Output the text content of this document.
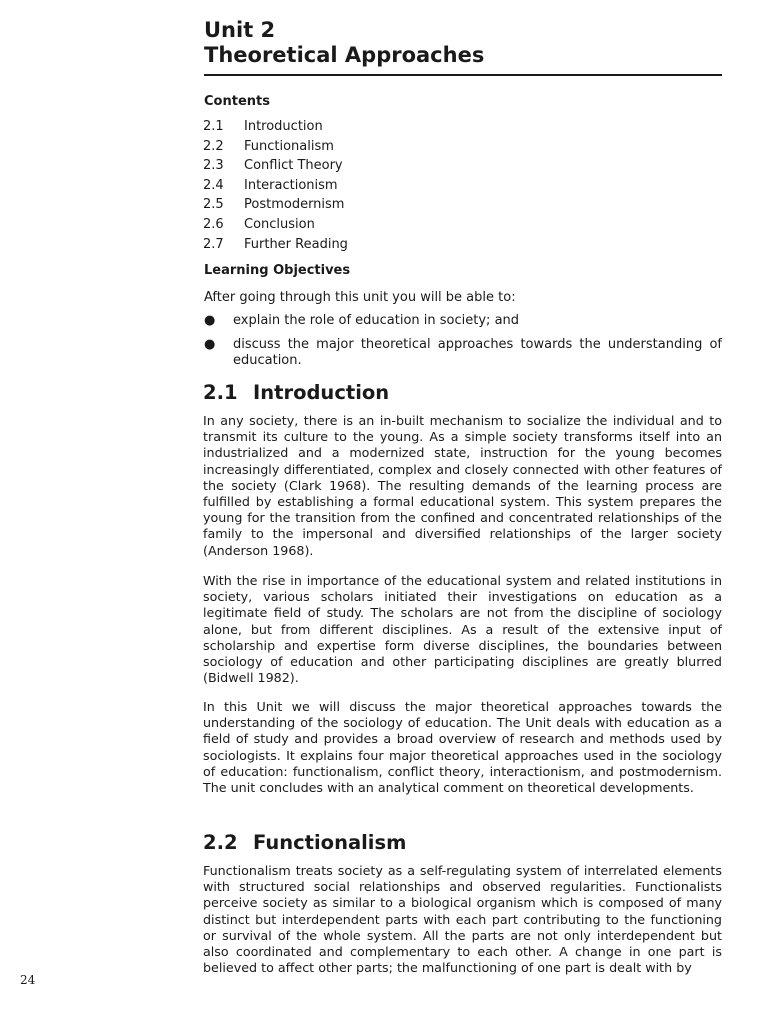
Unit 2
Theoretical Approaches
Contents
2.1 Introduction
2.2 Functionalism
2.3 Conflict Theory
2.4 Interactionism
2.5 Postmodernism
2.6 Conclusion
2.7 Further Reading
Learning Objectives
After going through this unit you will be able to:
● explain the role of education in society; and
● discuss the major theoretical approaches towards the understanding of education.
2.1 Introduction

In any society, there is an in-built mechanism to socialize the individual and to transmit its culture to the young. As a simple society transforms itself into an industrialized and a modernized state, instruction for the young becomes increasingly differentiated, complex and closely connected with other features of the society (Clark 1968). The resulting demands of the learning process are fulfilled by establishing a formal educational system. This system prepares the young for the transition from the confined and concentrated relationships of the family to the impersonal and diversified relationships of the larger society (Anderson 1968).

With the rise in importance of the educational system and related institutions in society, various scholars initiated their investigations on education as a legitimate field of study. The scholars are not from the discipline of sociology alone, but from different disciplines. As a result of the extensive input of scholarship and expertise form diverse disciplines, the boundaries between sociology of education and other participating disciplines are greatly blurred (Bidwell 1982).

In this Unit we will discuss the major theoretical approaches towards the understanding of the sociology of education. The Unit deals with education as a field of study and provides a broad overview of research and methods used by sociologists. It explains four major theoretical approaches used in the sociology of education: functionalism, conflict theory, interactionism, and postmodernism. The unit concludes with an analytical comment on theoretical developments.

2.2 Functionalism

Functionalism treats society as a self-regulating system of interrelated elements with structured social relationships and observed regularities. Functionalists perceive society as similar to a biological organism which is composed of many distinct but interdependent parts with each part contributing to the functioning or survival of the whole system. All the parts are not only interdependent but also coordinated and complementary to each other. A change in one part is believed to affect other parts; the malfunctioning of one part is dealt with by

24
